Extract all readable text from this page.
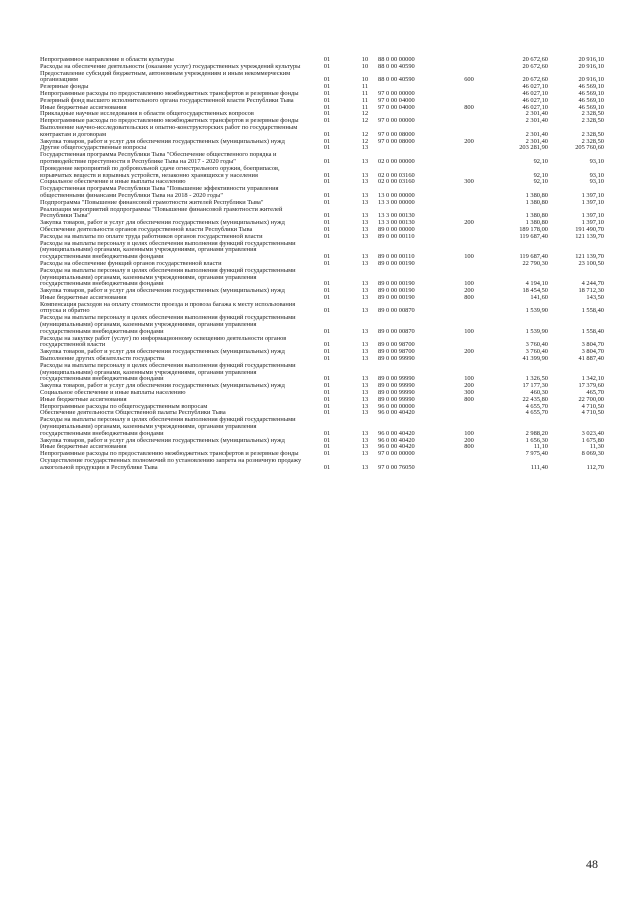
Непрограммное направление в области культуры	01	10	88 0 00 00000		20 672,60	20 916,10
Расходы на обеспечение деятельности (оказание услуг) государственных учреждений культуры	01	10	88 0 00 40590		20 672,60	20 916,10
Предоставление субсидий бюджетным, автономным учреждениям и иным некоммерческим организациям	01	10	88 0 00 40590	600	20 672,60	20 916,10
Резервные фонды	01	11			46 027,10	46 569,10
Непрограммные расходы по предоставлению межбюджетных трансфертов и резервные фонды	01	11	97 0 00 00000		46 027,10	46 569,10
Резервный фонд высшего исполнительного органа государственной власти Республики Тыва	01	11	97 0 00 04000		46 027,10	46 569,10
Иные бюджетные ассигнования	01	11	97 0 00 04000	800	46 027,10	46 569,10
Прикладные научные исследования в области общегосударственных вопросов	01	12			2 301,40	2 328,50
Непрограммные расходы по предоставлению межбюджетных трансфертов и резервные фонды	01	12	97 0 00 00000		2 301,40	2 328,50
Выполнение научно-исследовательских и опытно-конструкторских работ по государственным контрактам и договорам	01	12	97 0 00 08000		2 301,40	2 328,50
Закупка товаров, работ и услуг для обеспечения государственных (муниципальных) нужд	01	12	97 0 00 08000	200	2 301,40	2 328,50
Другие общегосударственные вопросы	01	13			203 281,90	205 760,60
Государственная программа Республики Тыва "Обеспечение общественного порядка и противодействие преступности в Республике Тыва на 2017 - 2020 годы"	01	13	02 0 00 00000		92,10	93,10
Проведение мероприятий по добровольной сдаче огнестрельного оружия, боеприпасов, взрывчатых веществ и взрывных устройств, незаконно хранящихся у населения	01	13	02 0 00 03160		92,10	93,10
Социальное обеспечение и иные выплаты населению	01	13	02 0 00 03160	300	92,10	93,10
Государственная программа Республики Тыва "Повышение эффективности управления общественными финансами Республики Тыва на 2018 - 2020 годы"	01	13	13 0 00 00000		1 380,80	1 397,10
Подпрограмма "Повышение финансовой грамотности жителей Республики Тыва"	01	13	13 3 00 00000		1 380,80	1 397,10
Реализация мероприятий подпрограммы "Повышение финансовой грамотности жителей Республики Тыва"	01	13	13 3 00 00130		1 380,80	1 397,10
Закупка товаров, работ и услуг для обеспечения государственных (муниципальных) нужд	01	13	13 3 00 00130	200	1 380,80	1 397,10
Обеспечение деятельности органов государственной власти Республики Тыва	01	13	89 0 00 00000		189 178,00	191 490,70
Расходы на выплаты по оплате труда работников органов государственной власти	01	13	89 0 00 00110		119 687,40	121 139,70
Расходы на выплаты персоналу в целях обеспечения выполнения функций государственными (муниципальными) органами, казенными учреждениями, органами управления государственными внебюджетными фондами	01	13	89 0 00 00110	100	119 687,40	121 139,70
Расходы на обеспечение функций органов государственной власти	01	13	89 0 00 00190		22 790,30	23 100,50
Расходы на выплаты персоналу в целях обеспечения выполнения функций государственными (муниципальными) органами, казенными учреждениями, органами управления государственными внебюджетными фондами	01	13	89 0 00 00190	100	4 194,10	4 244,70
Закупка товаров, работ и услуг для обеспечения государственных (муниципальных) нужд	01	13	89 0 00 00190	200	18 454,50	18 712,30
Иные бюджетные ассигнования	01	13	89 0 00 00190	800	141,60	143,50
Компенсация расходов на оплату стоимости проезда и провоза багажа к месту использования отпуска и обратно	01	13	89 0 00 00870		1 539,90	1 558,40
Расходы на выплаты персоналу в целях обеспечения выполнения функций государственными (муниципальными) органами, казенными учреждениями, органами управления государственными внебюджетными фондами	01	13	89 0 00 00870	100	1 539,90	1 558,40
Расходы на закупку работ (услуг) по информационному освещению деятельности органов государственной власти	01	13	89 0 00 98700		3 760,40	3 804,70
Закупка товаров, работ и услуг для обеспечения государственных (муниципальных) нужд	01	13	89 0 00 98700	200	3 760,40	3 804,70
Выполнение других обязательств государства	01	13	89 0 00 99990		41 399,90	41 887,40
Расходы на выплаты персоналу в целях обеспечения выполнения функций государственными (муниципальными) органами, казенными учреждениями, органами управления государственными внебюджетными фондами	01	13	89 0 00 99990	100	1 326,50	1 342,10
Закупка товаров, работ и услуг для обеспечения государственных (муниципальных) нужд	01	13	89 0 00 99990	200	17 177,30	17 379,60
Социальное обеспечение и иные выплаты населению	01	13	89 0 00 99990	300	460,30	465,70
Иные бюджетные ассигнования	01	13	89 0 00 99990	800	22 435,80	22 700,00
Непрограммные расходы по общегосударственным вопросам	01	13	96 0 00 00000		4 655,70	4 710,50
Обеспечение деятельности Общественной палаты Республики Тыва	01	13	96 0 00 40420		4 655,70	4 710,50
Расходы на выплаты персоналу в целях обеспечения выполнения функций государственными (муниципальными) органами, казенными учреждениями, органами управления государственными внебюджетными фондами	01	13	96 0 00 40420	100	2 988,20	3 023,40
Закупка товаров, работ и услуг для обеспечения государственных (муниципальных) нужд	01	13	96 0 00 40420	200	1 656,30	1 675,80
Иные бюджетные ассигнования	01	13	96 0 00 40420	800	11,10	11,30
Непрограммные расходы по предоставлению межбюджетных трансфертов и резервные фонды	01	13	97 0 00 00000		7 975,40	8 069,30
Осуществление государственных полномочий по установлению запрета на розничную продажу алкогольной продукции в Республике Тыва	01	13	97 0 00 76050		111,40	112,70
48
